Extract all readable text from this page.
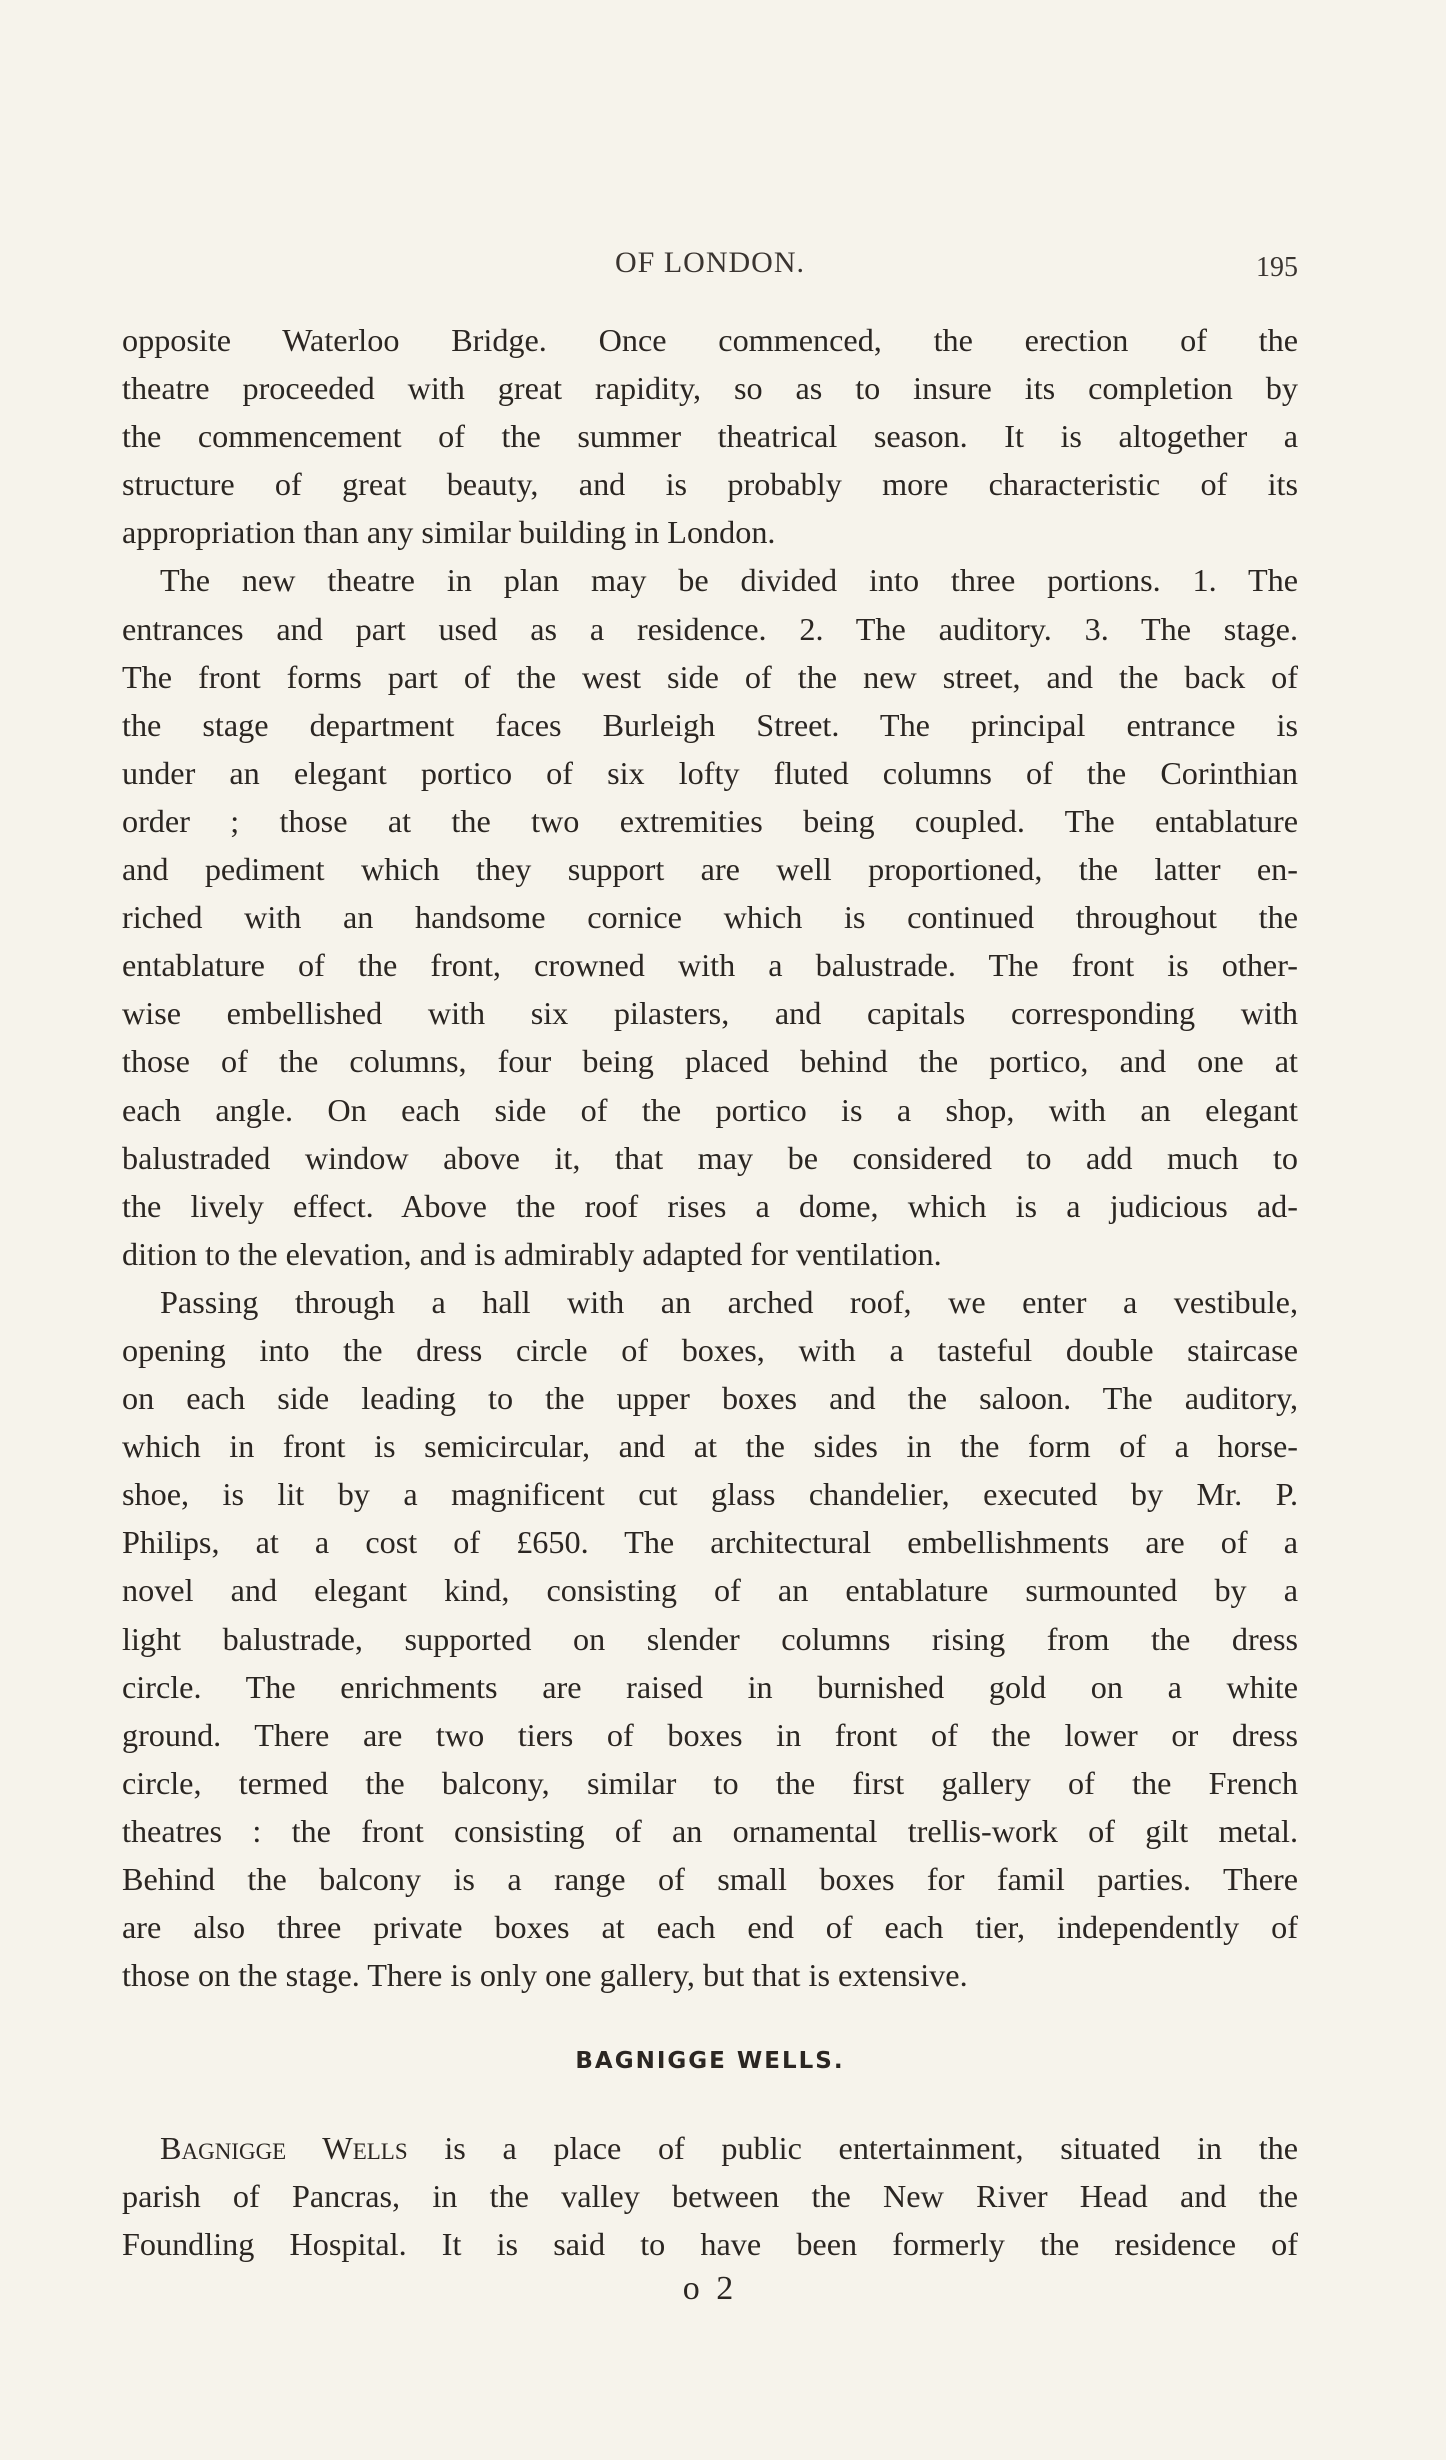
OF LONDON.	195
opposite Waterloo Bridge. Once commenced, the erection of the
theatre proceeded with great rapidity, so as to insure its completion by
the commencement of the summer theatrical season. It is altogether a
structure of great beauty, and is probably more characteristic of its
appropriation than any similar building in London.
The new theatre in plan may be divided into three portions. 1. The
entrances and part used as a residence. 2. The auditory. 3. The stage.
The front forms part of the west side of the new street, and the back of
the stage department faces Burleigh Street. The principal entrance is
under an elegant portico of six lofty fluted columns of the Corinthian
order ; those at the two extremities being coupled. The entablature
and pediment which they support are well proportioned, the latter en-
riched with an handsome cornice which is continued throughout the
entablature of the front, crowned with a balustrade. The front is other-
wise embellished with six pilasters, and capitals corresponding with
those of the columns, four being placed behind the portico, and one at
each angle. On each side of the portico is a shop, with an elegant
balustraded window above it, that may be considered to add much to
the lively effect. Above the roof rises a dome, which is a judicious ad-
dition to the elevation, and is admirably adapted for ventilation.
Passing through a hall with an arched roof, we enter a vestibule,
opening into the dress circle of boxes, with a tasteful double staircase
on each side leading to the upper boxes and the saloon. The auditory,
which in front is semicircular, and at the sides in the form of a horse-
shoe, is lit by a magnificent cut glass chandelier, executed by Mr. P.
Philips, at a cost of £650. The architectural embellishments are of a
novel and elegant kind, consisting of an entablature surmounted by a
light balustrade, supported on slender columns rising from the dress
circle. The enrichments are raised in burnished gold on a white
ground. There are two tiers of boxes in front of the lower or dress
circle, termed the balcony, similar to the first gallery of the French
theatres : the front consisting of an ornamental trellis-work of gilt metal.
Behind the balcony is a range of small boxes for famil parties. There
are also three private boxes at each end of each tier, independently of
those on the stage. There is only one gallery, but that is extensive.
BAGNIGGE WELLS.
Bagnigge Wells is a place of public entertainment, situated in the
parish of Pancras, in the valley between the New River Head and the
Foundling Hospital. It is said to have been formerly the residence of
o 2
